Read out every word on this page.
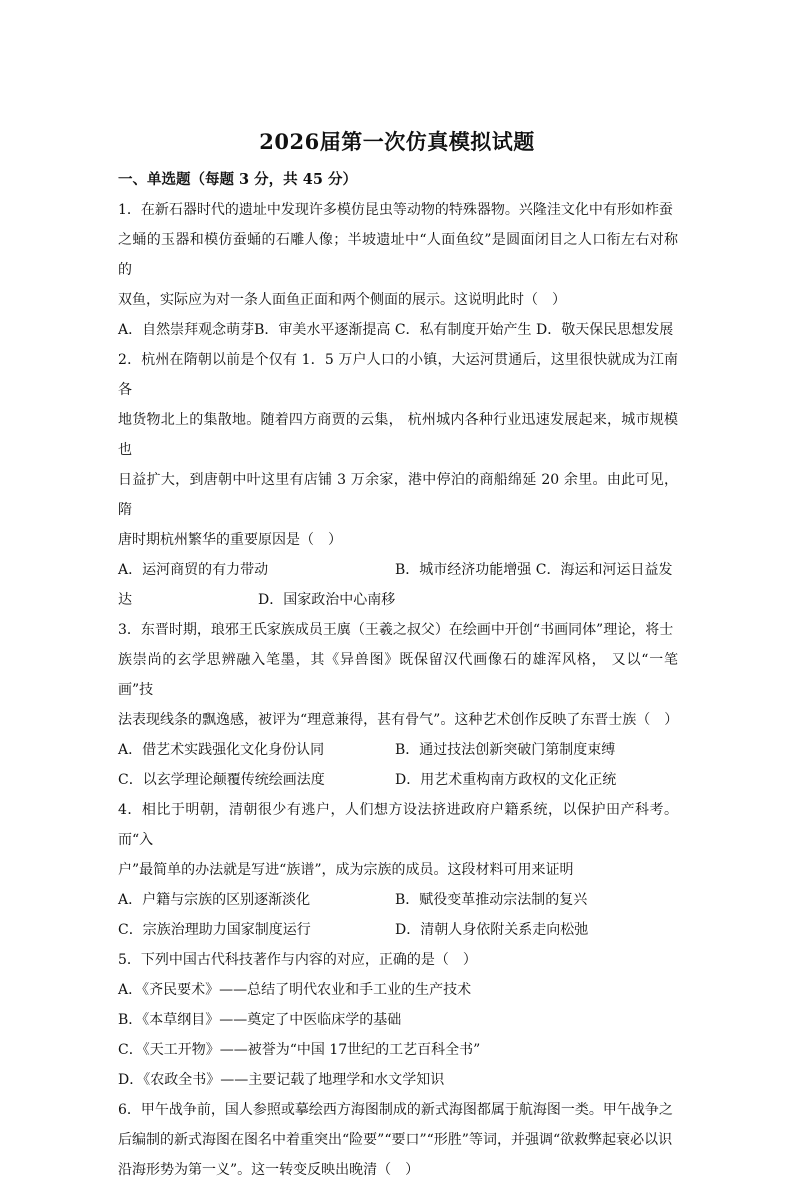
2026届第一次仿真模拟试题
一、单选题（每题 3 分，共 45 分）

1．在新石器时代的遗址中发现许多模仿昆虫等动物的特殊器物。兴隆洼文化中有形如柞蚕

之蛹的玉器和模仿蚕蛹的石雕人像；半坡遗址中“人面鱼纹”是圆面闭目之人口衔左右对称的

双鱼，实际应为对一条人面鱼正面和两个侧面的展示。这说明此时（　）

A．自然崇拜观念萌芽B．审美水平逐渐提高 C．私有制度开始产生 D．敬天保民思想发展

2．杭州在隋朝以前是个仅有 1．5 万户人口的小镇，大运河贯通后，这里很快就成为江南各

地货物北上的集散地。随着四方商贾的云集， 杭州城内各种行业迅速发展起来，城市规模也

日益扩大，到唐朝中叶这里有店铺 3 万余家，港中停泊的商船绵延 20 余里。由此可见，隋

唐时期杭州繁华的重要原因是（　）

A．运河商贸的有力带动	B．城市经济功能增强 C．海运和河运日益发
达	D．国家政治中心南移

3．东晋时期，琅邪王氏家族成员王廙（王羲之叔父）在绘画中开创“书画同体”理论，将士

族崇尚的玄学思辨融入笔墨，其《异兽图》既保留汉代画像石的雄浑风格， 又以“一笔画”技

法表现线条的飘逸感，被评为“理意兼得，甚有骨气”。这种艺术创作反映了东晋士族（　）

A．借艺术实践强化文化身份认同	B．通过技法创新突破门第制度束缚
C．以玄学理论颠覆传统绘画法度	D．用艺术重构南方政权的文化正统

4．相比于明朝，清朝很少有逃户，人们想方设法挤进政府户籍系统，以保护田产科考。而“入

户”最简单的办法就是写进“族谱”，成为宗族的成员。这段材料可用来证明

A．户籍与宗族的区别逐渐淡化	B．赋役变革推动宗法制的复兴
C．宗族治理助力国家制度运行	D．清朝人身依附关系走向松弛

5．下列中国古代科技著作与内容的对应，正确的是（　）

A．《齐民要术》——总结了明代农业和手工业的生产技术

B．《本草纲目》——奠定了中医临床学的基础

C．《天工开物》——被誉为“中国 17世纪的工艺百科全书”

D．《农政全书》——主要记载了地理学和水文学知识

6．甲午战争前，国人参照或摹绘西方海图制成的新式海图都属于航海图一类。甲午战争之

后编制的新式海图在图名中着重突出“险要”“要口”“形胜”等词，并强调“欲救弊起衰必以识

沿海形势为第一义”。这一转变反映出晚清（　）
